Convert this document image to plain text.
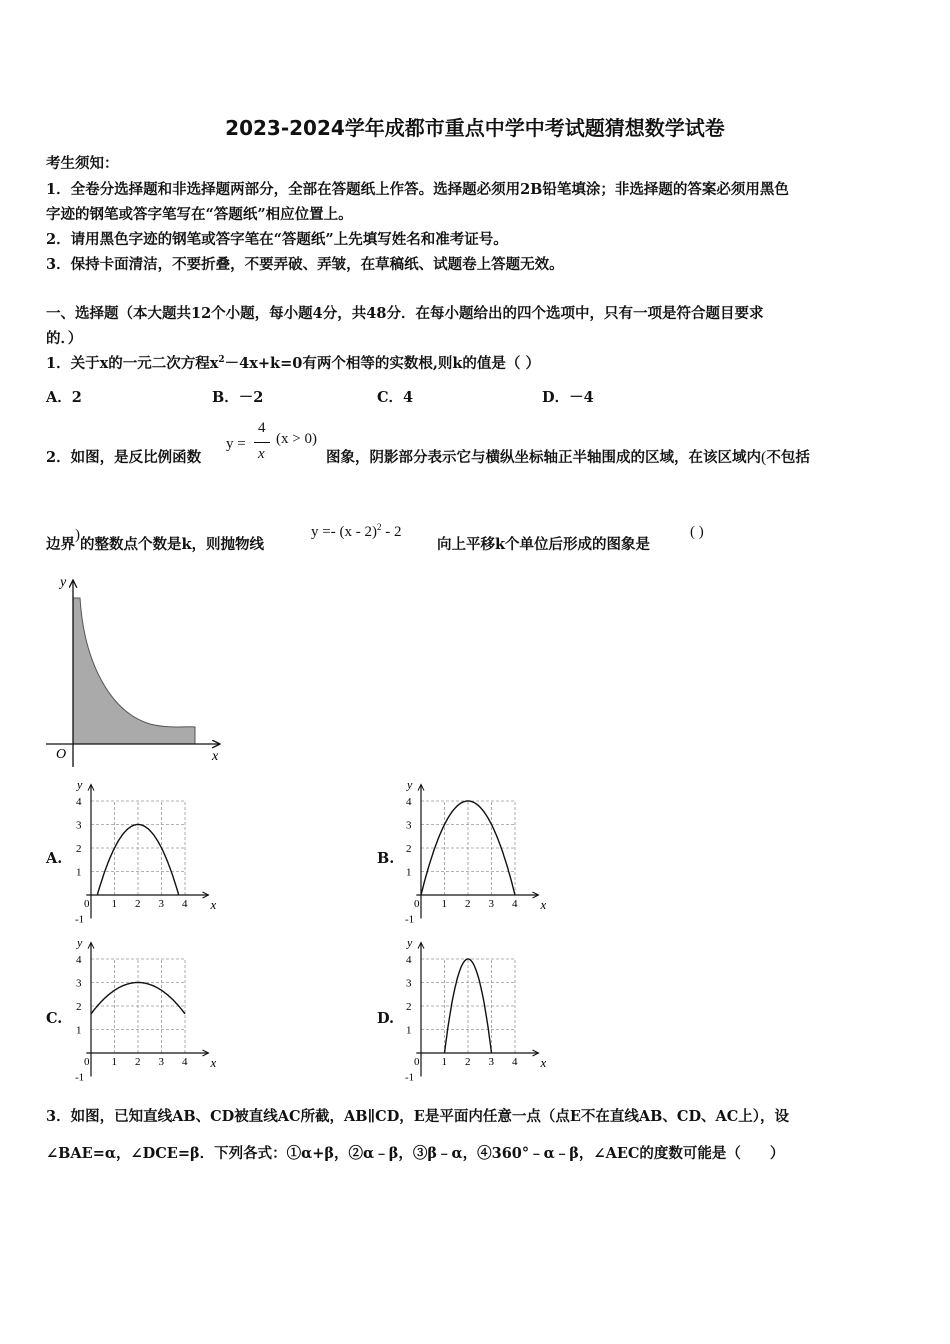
2023-2024学年成都市重点中学中考试题猜想数学试卷
考生须知：
1．全卷分选择题和非选择题两部分，全部在答题纸上作答。选择题必须用2B铅笔填涂；非选择题的答案必须用黑色
字迹的钢笔或答字笔写在“答题纸”相应位置上。
2．请用黑色字迹的钢笔或答字笔在“答题纸”上先填写姓名和准考证号。
3．保持卡面清洁，不要折叠，不要弄破、弄皱，在草稿纸、试题卷上答题无效。
一、选择题（本大题共12个小题，每小题4分，共48分．在每小题给出的四个选项中，只有一项是符合题目要求
的．）
1．关于x的一元二次方程$x^2-4x+k=0$有两个相等的实数根,则k的值是（ ）
A．2	B．－2	C．4	D．－4
2．如图，是反比例函数
y =
4
x
(x > 0)
图象，阴影部分表示它与横纵坐标轴正半轴围成的区域，在该区域内(不包括
边界)的整数点个数是k，则抛物线
y =- (x - 2)$^2$ - 2
向上平移k个单位后形成的图象是
( )
y
x
O
A.	B.
C.	D.
y
x
0 1 2 3 4
1
2
3
4
-1
y
x
0 1 2 3 4
1
2
3
4
-1
y
x
0 1 2 3 4
1
2
3
4
-1
y
x
0 1 2 3 4
1
2
3
4
-1
3．如图，已知直线AB、CD被直线AC所截，AB∥CD，E是平面内任意一点（点E不在直线AB、CD、AC上），设
∠BAE=α，∠DCE=β．下列各式：①α+β，②α﹣β，③β﹣α，④360°﹣α﹣β，∠AEC的度数可能是（　　）
